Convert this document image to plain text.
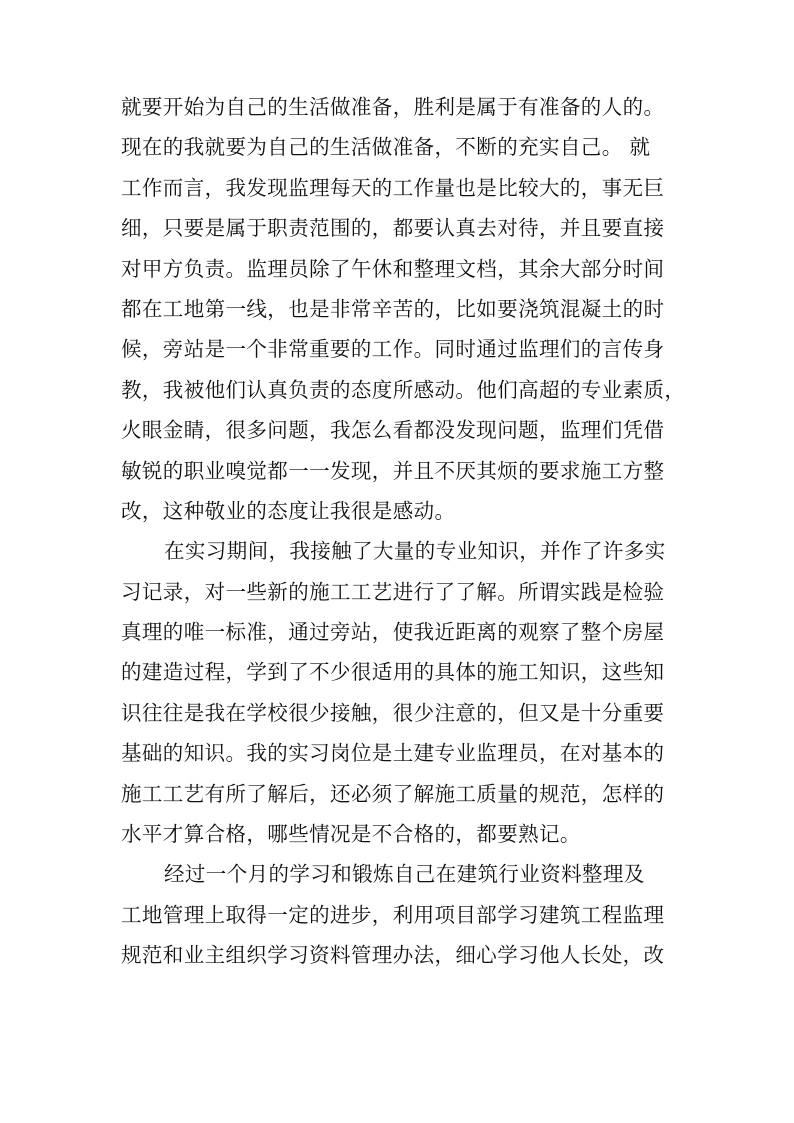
就要开始为自己的生活做准备，胜利是属于有准备的人的。
现在的我就要为自己的生活做准备，不断的充实自己。 就
工作而言，我发现监理每天的工作量也是比较大的，事无巨
细，只要是属于职责范围的，都要认真去对待，并且要直接
对甲方负责。监理员除了午休和整理文档，其余大部分时间
都在工地第一线，也是非常辛苦的，比如要浇筑混凝土的时
候，旁站是一个非常重要的工作。同时通过监理们的言传身
教，我被他们认真负责的态度所感动。他们高超的专业素质，
火眼金睛，很多问题，我怎么看都没发现问题，监理们凭借
敏锐的职业嗅觉都一一发现，并且不厌其烦的要求施工方整
改，这种敬业的态度让我很是感动。
在实习期间，我接触了大量的专业知识，并作了许多实
习记录，对一些新的施工工艺进行了了解。所谓实践是检验
真理的唯一标准，通过旁站，使我近距离的观察了整个房屋
的建造过程，学到了不少很适用的具体的施工知识，这些知
识往往是我在学校很少接触，很少注意的，但又是十分重要
基础的知识。我的实习岗位是土建专业监理员，在对基本的
施工工艺有所了解后，还必须了解施工质量的规范，怎样的
水平才算合格，哪些情况是不合格的，都要熟记。
经过一个月的学习和锻炼自己在建筑行业资料整理及
工地管理上取得一定的进步，利用项目部学习建筑工程监理
规范和业主组织学习资料管理办法，细心学习他人长处，改
